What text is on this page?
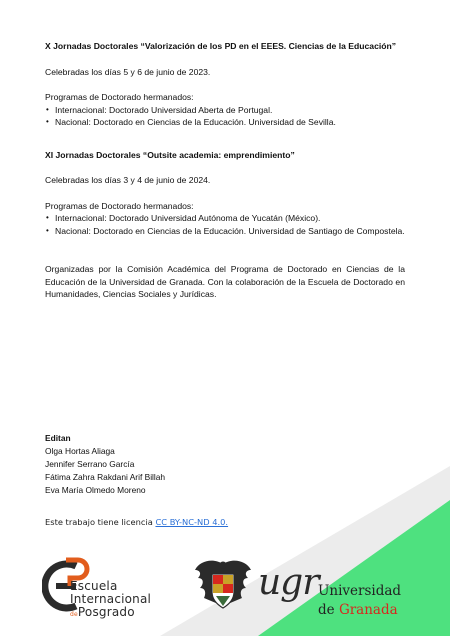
X Jornadas Doctorales “Valorización de los PD en el EEES. Ciencias de la Educación”

Celebradas los días 5 y 6 de junio de 2023.

Programas de Doctorado hermanados:

• Internacional: Doctorado Universidad Aberta de Portugal.
• Nacional: Doctorado en Ciencias de la Educación. Universidad de Sevilla.

XI Jornadas Doctorales “Outsite academia: emprendimiento”

Celebradas los días 3 y 4 de junio de 2024.

Programas de Doctorado hermanados:

• Internacional: Doctorado Universidad Autónoma de Yucatán (México).
• Nacional: Doctorado en Ciencias de la Educación. Universidad de Santiago de Compostela.

Organizadas por la Comisión Académica del Programa de Doctorado en Ciencias de la Educación de la Universidad de Granada. Con la colaboración de la Escuela de Doctorado en Humanidades, Ciencias Sociales y Jurídicas.

Editan
Olga Hortas Aliaga
Jennifer Serrano García
Fátima Zahra Rakdani Arif Billah
Eva María Olmedo Moreno
Este trabajo tiene licencia CC BY-NC-ND 4.0.
Escuela
Internacional
dePosgrado
ugr Universidad
de Granada
